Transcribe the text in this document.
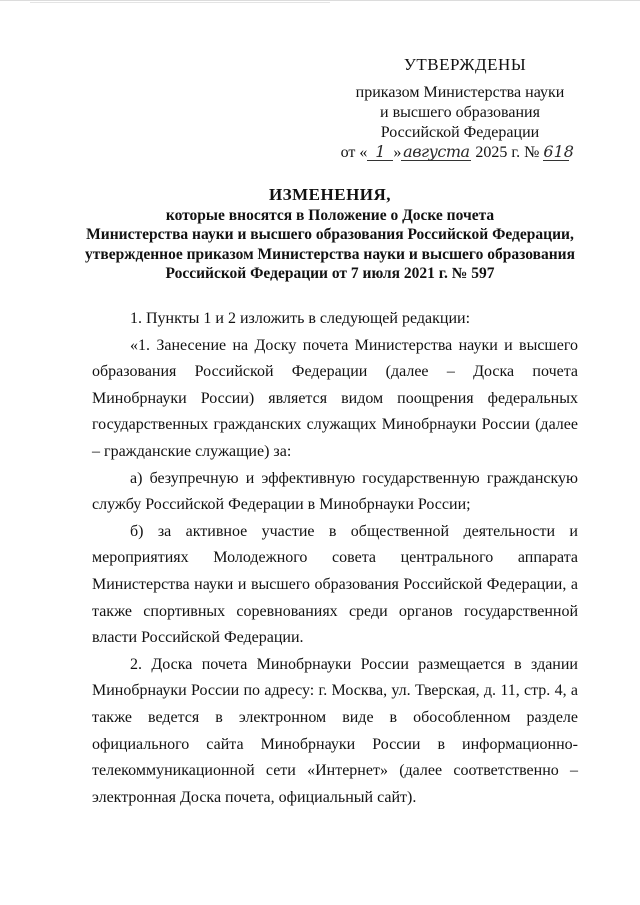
УТВЕРЖДЕНЫ
приказом Министерства науки
и высшего образования
Российской Федерации
от « 1 » августа 2025 г. № 618
ИЗМЕНЕНИЯ,
которые вносятся в Положение о Доске почета
Министерства науки и высшего образования Российской Федерации,
утвержденное приказом Министерства науки и высшего образования
Российской Федерации от 7 июля 2021 г. № 597

1. Пункты 1 и 2 изложить в следующей редакции:

«1. Занесение на Доску почета Министерства науки и высшего образования Российской Федерации (далее – Доска почета Минобрнауки России) является видом поощрения федеральных государственных гражданских служащих Минобрнауки России (далее – гражданские служащие) за:

а) безупречную и эффективную государственную гражданскую службу Российской Федерации в Минобрнауки России;

б) за активное участие в общественной деятельности и мероприятиях Молодежного совета центрального аппарата Министерства науки и высшего образования Российской Федерации, а также спортивных соревнованиях среди органов государственной власти Российской Федерации.

2. Доска почета Минобрнауки России размещается в здании Минобрнауки России по адресу: г. Москва, ул. Тверская, д. 11, стр. 4, а также ведется в электронном виде в обособленном разделе официального сайта Минобрнауки России в информационно-телекоммуникационной сети «Интернет» (далее соответственно – электронная Доска почета, официальный сайт).
